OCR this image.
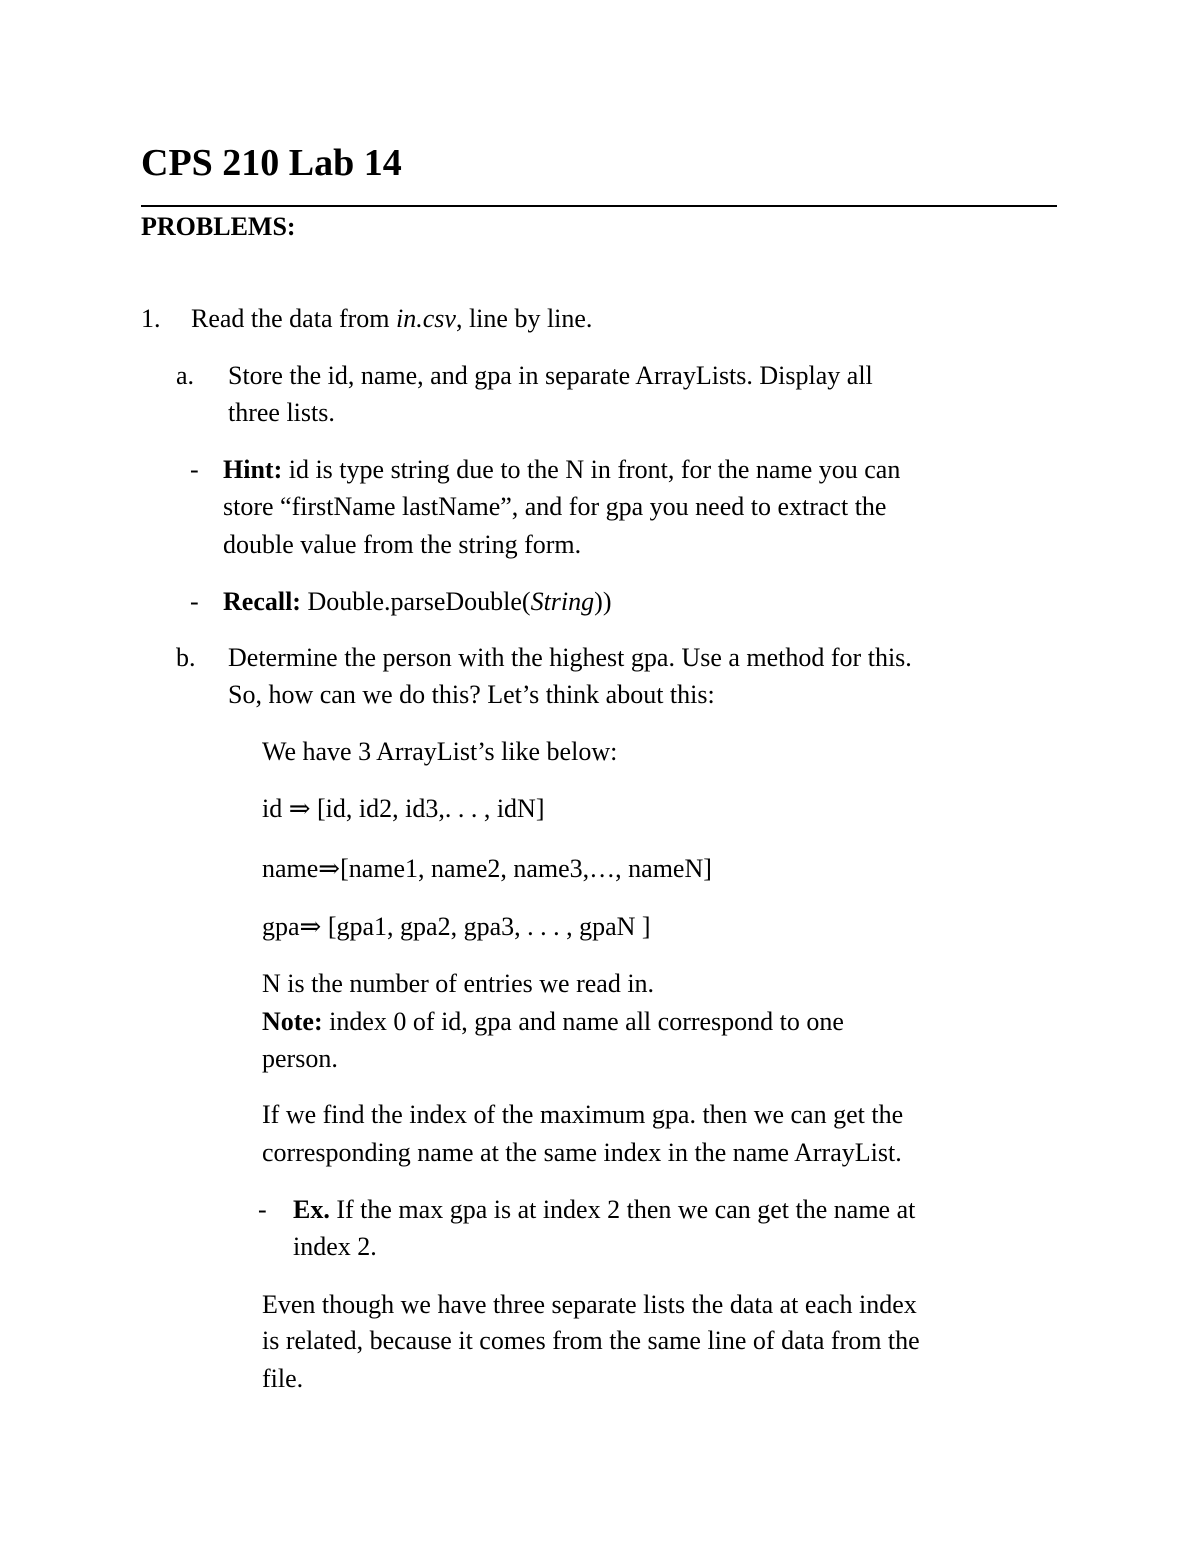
CPS 210 Lab 14
PROBLEMS:
1. Read the data from in.csv, line by line.
a. Store the id, name, and gpa in separate ArrayLists. Display all
three lists.
- Hint: id is type string due to the N in front, for the name you can
store “firstName lastName”, and for gpa you need to extract the
double value from the string form.
- Recall: Double.parseDouble(String))
b. Determine the person with the highest gpa. Use a method for this.
So, how can we do this? Let’s think about this:
We have 3 ArrayList’s like below:
id ⇒ [id, id2, id3,. . . , idN]
name⇒[name1, name2, name3,…, nameN]
gpa⇒ [gpa1, gpa2, gpa3, . . . , gpaN ]
N is the number of entries we read in.
Note: index 0 of id, gpa and name all correspond to one
person.
If we find the index of the maximum gpa. then we can get the
corresponding name at the same index in the name ArrayList.
- Ex. If the max gpa is at index 2 then we can get the name at
index 2.
Even though we have three separate lists the data at each index
is related, because it comes from the same line of data from the
file.
